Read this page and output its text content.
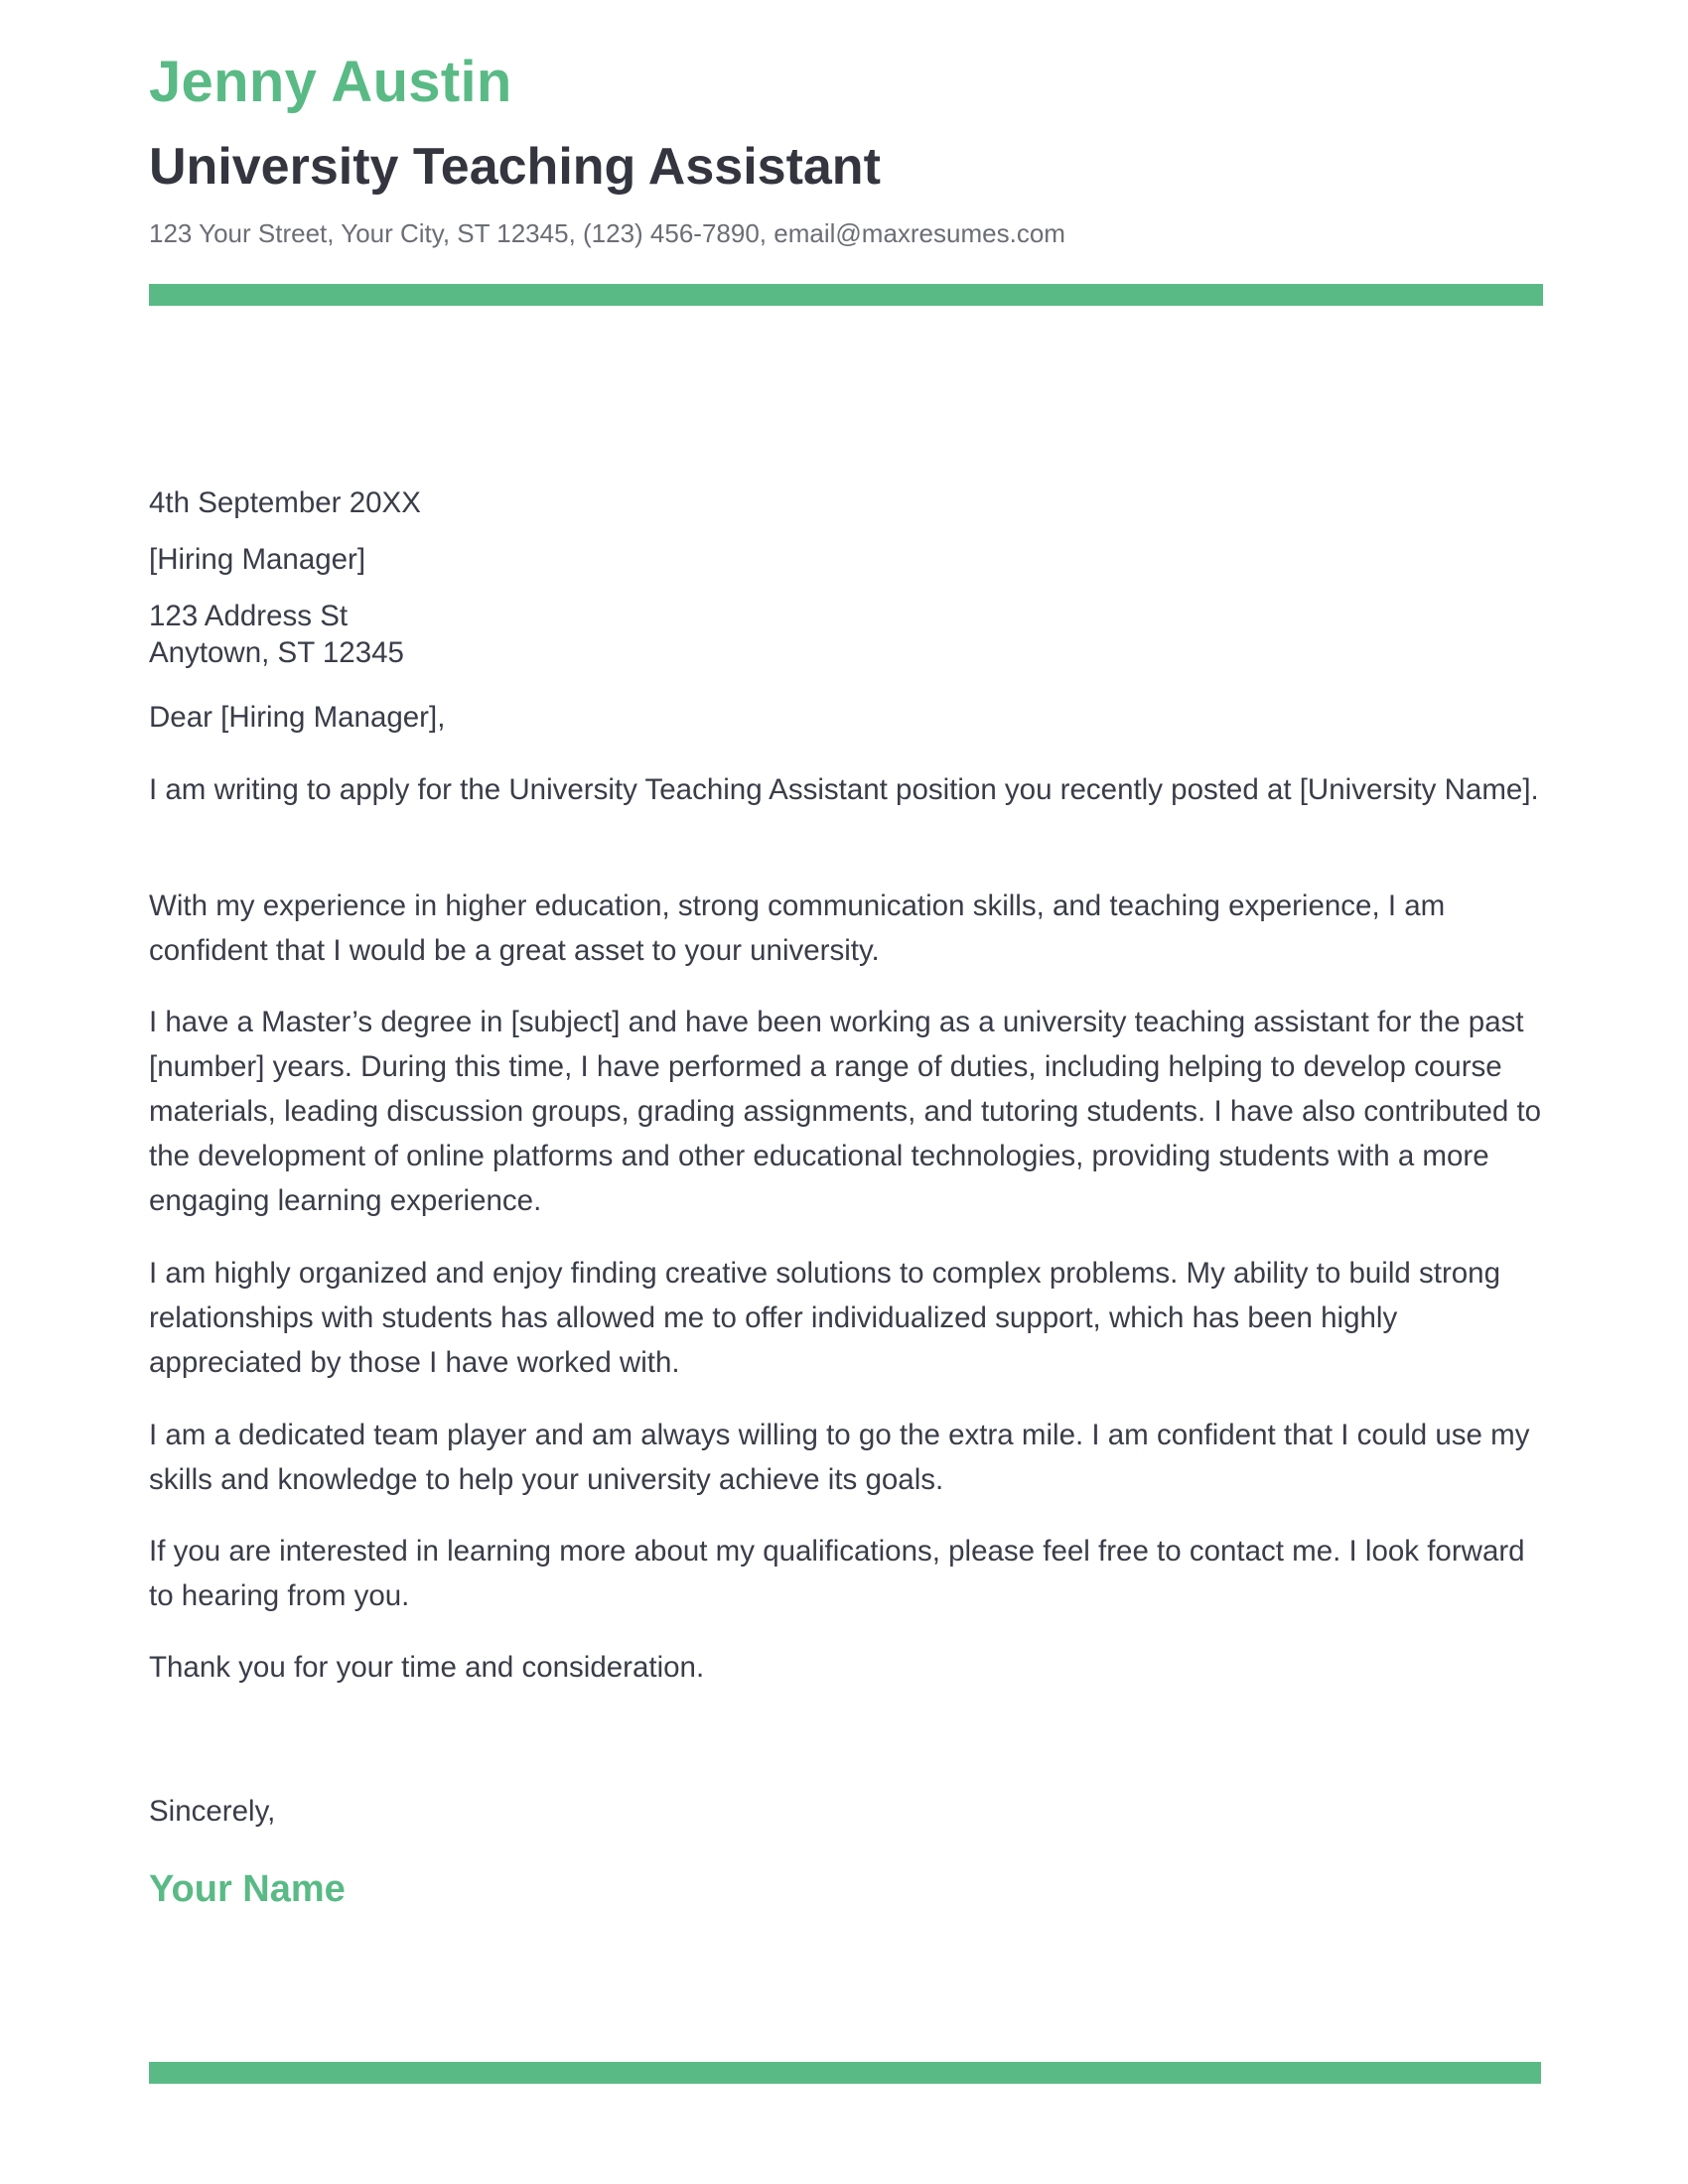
Jenny Austin
University Teaching Assistant
123 Your Street, Your City, ST 12345, (123) 456-7890, email@maxresumes.com
4th September 20XX
[Hiring Manager]
123 Address St
Anytown, ST 12345
Dear [Hiring Manager],
I am writing to apply for the University Teaching Assistant position you recently posted at [University Name].
With my experience in higher education, strong communication skills, and teaching experience, I am confident that I would be a great asset to your university.
I have a Master’s degree in [subject] and have been working as a university teaching assistant for the past [number] years. During this time, I have performed a range of duties, including helping to develop course materials, leading discussion groups, grading assignments, and tutoring students. I have also contributed to the development of online platforms and other educational technologies, providing students with a more engaging learning experience.
I am highly organized and enjoy finding creative solutions to complex problems. My ability to build strong relationships with students has allowed me to offer individualized support, which has been highly appreciated by those I have worked with.
I am a dedicated team player and am always willing to go the extra mile. I am confident that I could use my skills and knowledge to help your university achieve its goals.
If you are interested in learning more about my qualifications, please feel free to contact me. I look forward to hearing from you.
Thank you for your time and consideration.
Sincerely,
Your Name
